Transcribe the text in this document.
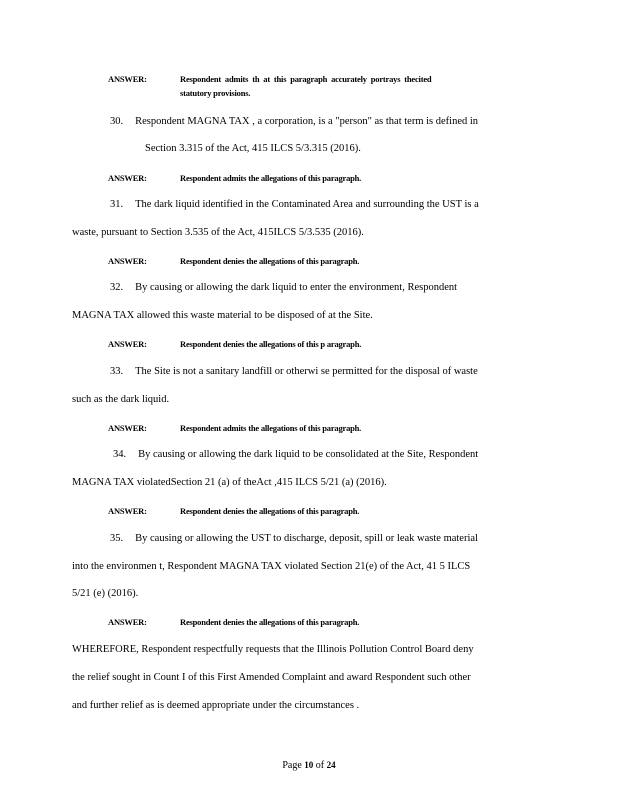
ANSWER:	Respondent admits th at this paragraph accurately portrays thecited
statutory provisions.
30. Respondent MAGNA TAX , a corporation, is a "person" as that term is defined in
Section 3.315 of the Act, 415 ILCS 5/3.315 (2016).
ANSWER:	Respondent admits the allegations of this paragraph.
31. The dark liquid identified in the Contaminated Area and surrounding the UST is a
waste, pursuant to Section 3.535 of the Act, 415ILCS 5/3.535 (2016).
ANSWER:	Respondent denies the allegations of this paragraph.
32. By causing or allowing the dark liquid to enter the environment, Respondent
MAGNA TAX allowed this waste material to be disposed of at the Site.
ANSWER:	Respondent denies the allegations of this p aragraph.
33. The Site is not a sanitary landfill or otherwi se permitted for the disposal of waste
such as the dark liquid.
ANSWER:	Respondent admits the allegations of this paragraph.
34. By causing or allowing the dark liquid to be consolidated at the Site, Respondent
MAGNA TAX violatedSection 21 (a) of theAct ,415 ILCS 5/21 (a) (2016).
ANSWER:	Respondent denies the allegations of this paragraph.
35. By causing or allowing the UST to discharge, deposit, spill or leak waste material
into the environmen t, Respondent MAGNA TAX violated Section 21(e) of the Act, 41 5 ILCS
5/21 (e) (2016).
ANSWER:	Respondent denies the allegations of this paragraph.
WHEREFORE, Respondent respectfully requests that the Illinois Pollution Control Board deny
the relief sought in Count I of this First Amended Complaint and award Respondent such other
and further relief as is deemed appropriate under the circumstances .
Page 10 of 24
